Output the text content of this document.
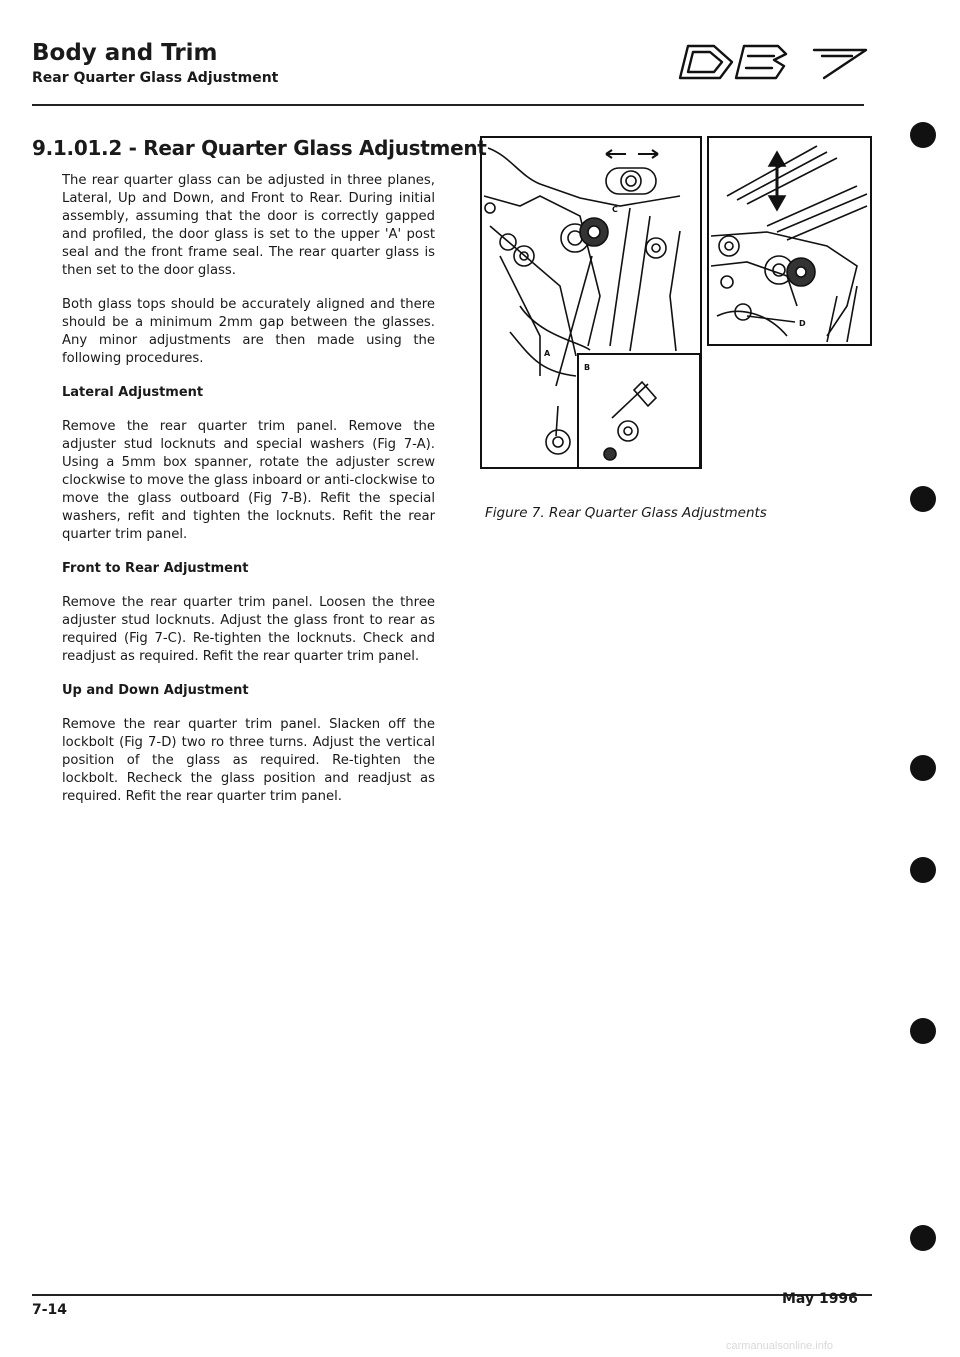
Body and Trim
Rear Quarter Glass Adjustment
9.1.01.2 - Rear Quarter Glass Adjustment

The rear quarter glass can be adjusted in three planes, Lateral, Up and Down, and Front to Rear. During initial assembly, assuming that the door is correctly gapped and profiled, the door glass is set to the upper 'A' post seal and the front frame seal. The rear quarter glass is then set to the door glass.

Both glass tops should be accurately aligned and there should be a minimum 2mm gap between the glasses. Any minor adjustments are then made using the following procedures.

Lateral Adjustment

Remove the rear quarter trim panel. Remove the adjuster stud locknuts and special washers (Fig 7-A). Using a 5mm box spanner, rotate the adjuster screw clockwise to move the glass inboard or anti-clockwise to move the glass outboard (Fig 7-B). Refit the special washers, refit and tighten the locknuts. Refit the rear quarter trim panel.

Front to Rear Adjustment

Remove the rear quarter trim panel. Loosen the three adjuster stud locknuts. Adjust the glass front to rear as required (Fig 7-C). Re-tighten the locknuts. Check and readjust as required. Refit the rear quarter trim panel.

Up and Down Adjustment

Remove the rear quarter trim panel. Slacken off the lockbolt (Fig 7-D) two ro three turns. Adjust the vertical position of the glass as required. Re-tighten the lockbolt. Recheck the glass position and readjust as required. Refit the rear quarter trim panel.

C
A
B
D
Figure 7. Rear Quarter Glass Adjustments
7-14
May 1996
carmanualsonline.info
